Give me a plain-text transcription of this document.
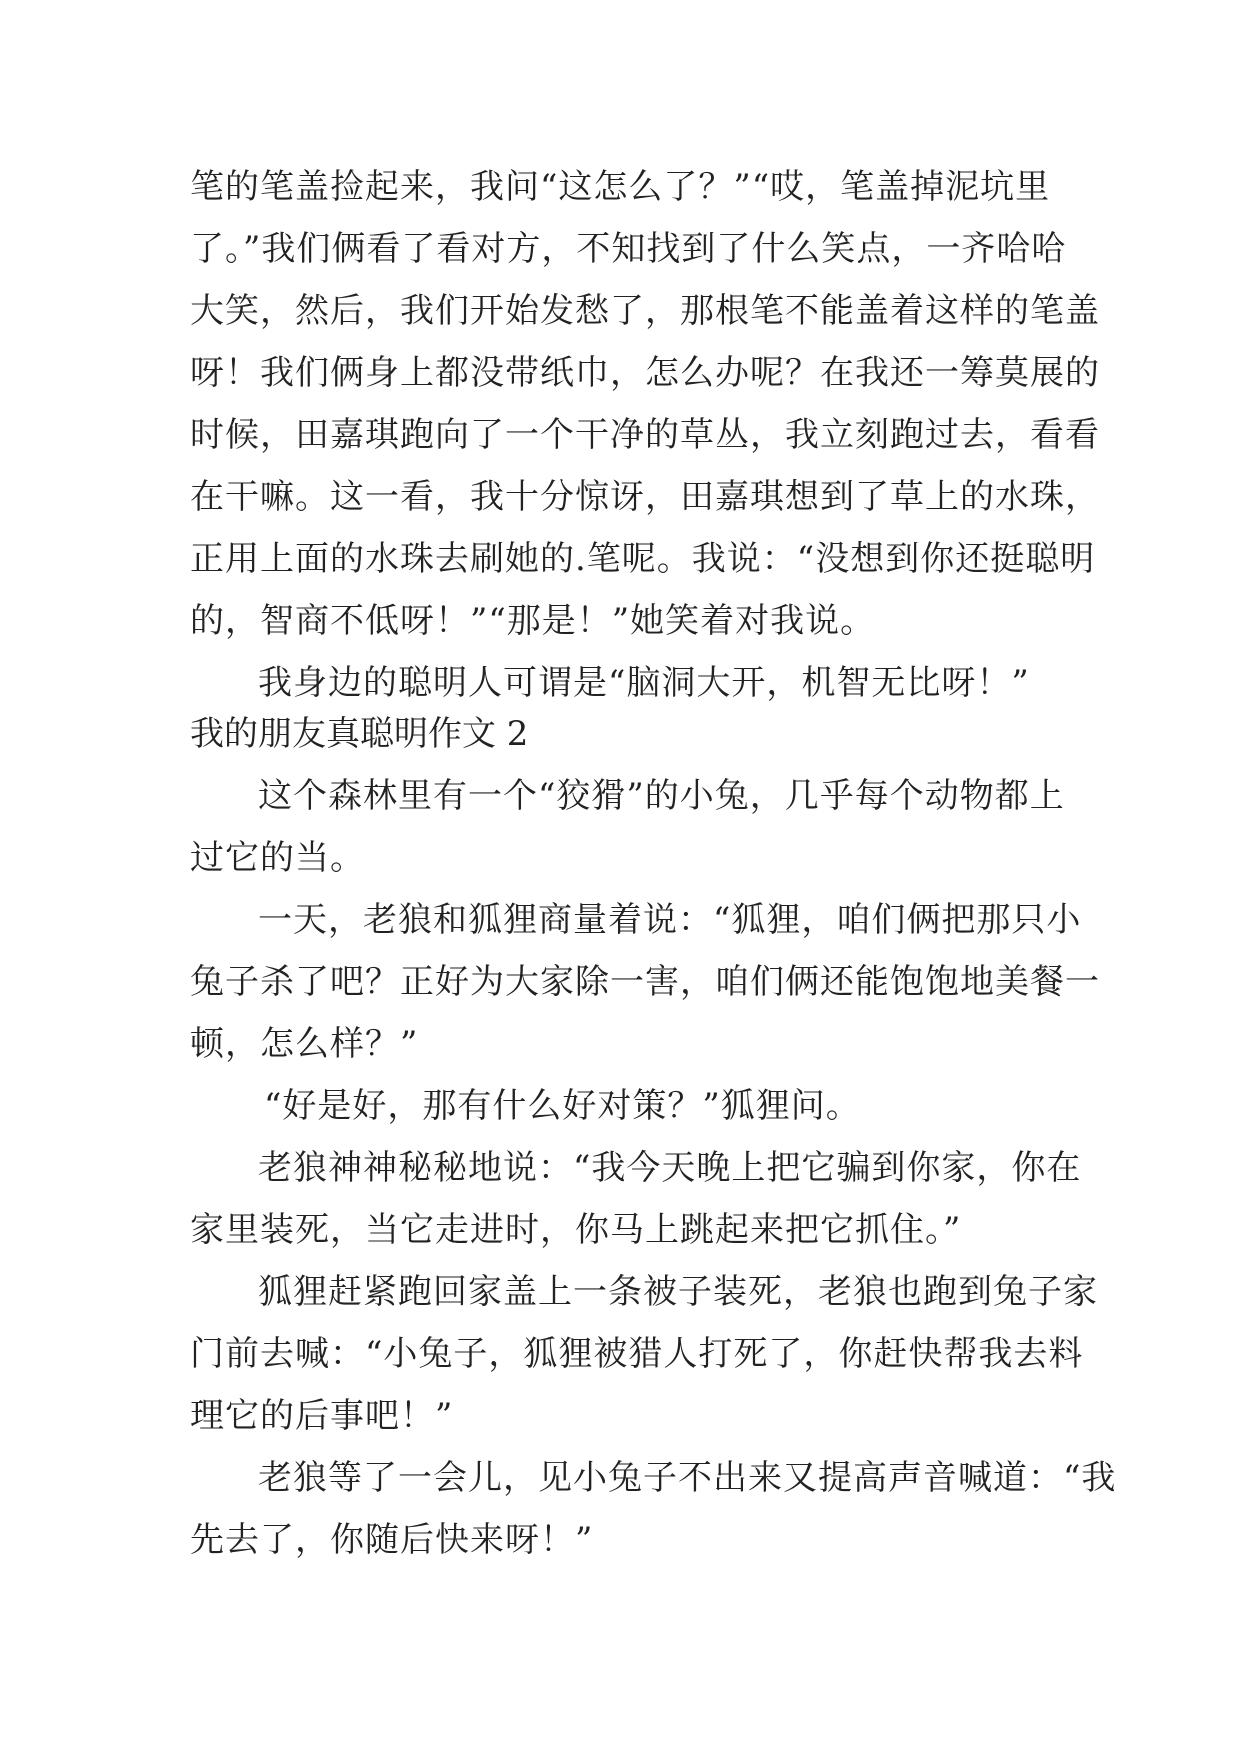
笔的笔盖捡起来，我问“这怎么了？”“哎，笔盖掉泥坑里
了。”我们俩看了看对方，不知找到了什么笑点，一齐哈哈
大笑，然后，我们开始发愁了，那根笔不能盖着这样的笔盖
呀！我们俩身上都没带纸巾，怎么办呢？在我还一筹莫展的
时候，田嘉琪跑向了一个干净的草丛，我立刻跑过去，看看
在干嘛。这一看，我十分惊讶，田嘉琪想到了草上的水珠，
正用上面的水珠去刷她的.笔呢。我说：“没想到你还挺聪明
的，智商不低呀！”“那是！”她笑着对我说。
我身边的聪明人可谓是“脑洞大开，机智无比呀！”
我的朋友真聪明作文 2
这个森林里有一个“狡猾”的小兔，几乎每个动物都上
过它的当。
一天，老狼和狐狸商量着说：“狐狸，咱们俩把那只小
兔子杀了吧？正好为大家除一害，咱们俩还能饱饱地美餐一
顿，怎么样？”
“好是好，那有什么好对策？”狐狸问。
老狼神神秘秘地说：“我今天晚上把它骗到你家，你在
家里装死，当它走进时，你马上跳起来把它抓住。”
狐狸赶紧跑回家盖上一条被子装死，老狼也跑到兔子家
门前去喊：“小兔子，狐狸被猎人打死了，你赶快帮我去料
理它的后事吧！”
老狼等了一会儿，见小兔子不出来又提高声音喊道：“我
先去了，你随后快来呀！”
